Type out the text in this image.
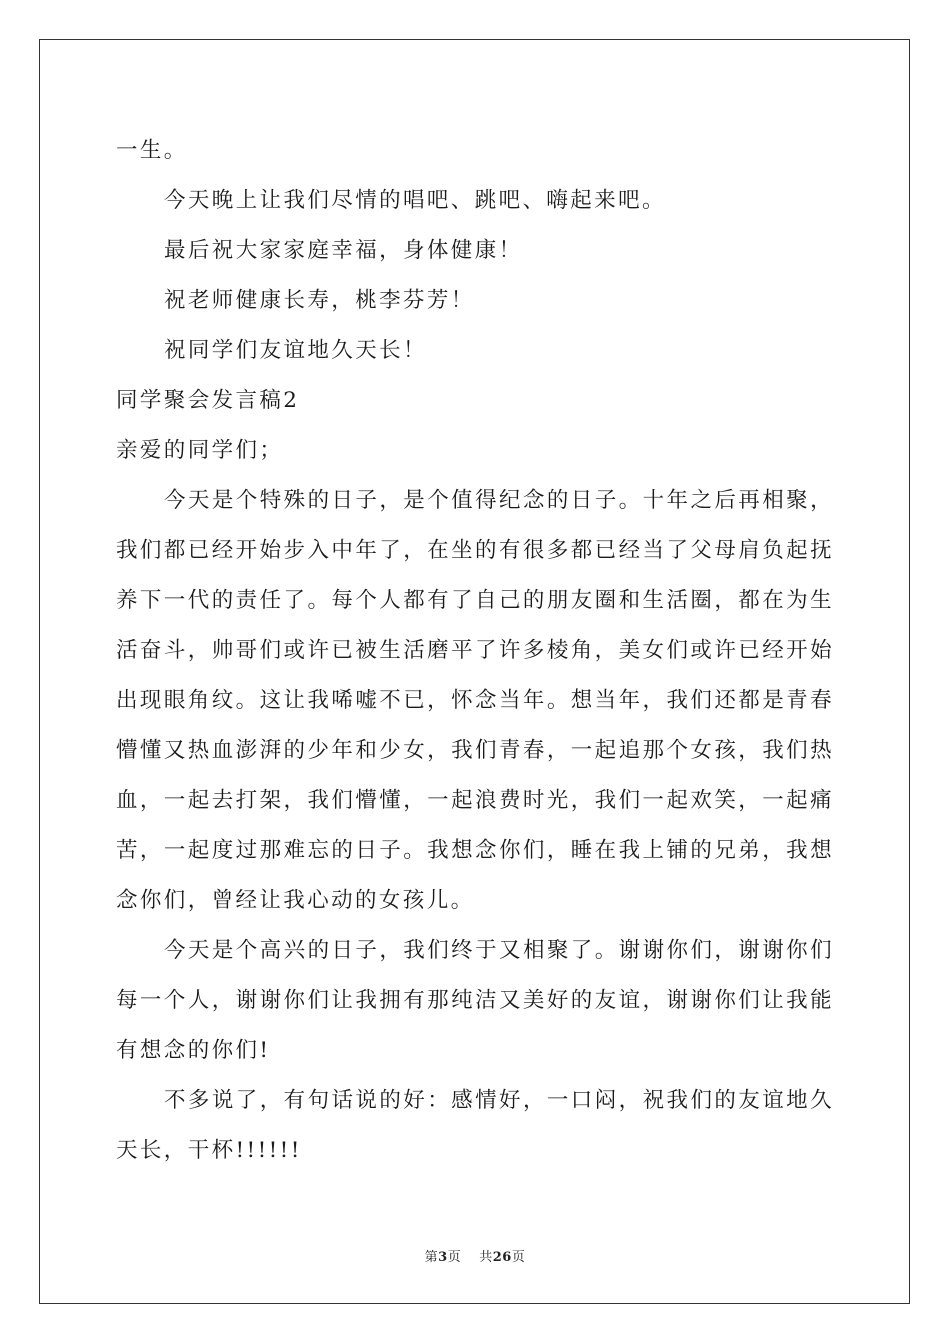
一生。

今天晚上让我们尽情的唱吧、跳吧、嗨起来吧。

最后祝大家家庭幸福，身体健康！

祝老师健康长寿，桃李芬芳！

祝同学们友谊地久天长！

同学聚会发言稿2

亲爱的同学们；

今天是个特殊的日子，是个值得纪念的日子。十年之后再相聚，我们都已经开始步入中年了，在坐的有很多都已经当了父母肩负起抚养下一代的责任了。每个人都有了自己的朋友圈和生活圈，都在为生活奋斗，帅哥们或许已被生活磨平了许多棱角，美女们或许已经开始出现眼角纹。这让我唏嘘不已，怀念当年。想当年，我们还都是青春懵懂又热血澎湃的少年和少女，我们青春，一起追那个女孩，我们热血，一起去打架，我们懵懂，一起浪费时光，我们一起欢笑，一起痛苦，一起度过那难忘的日子。我想念你们，睡在我上铺的兄弟，我想念你们，曾经让我心动的女孩儿。

今天是个高兴的日子，我们终于又相聚了。谢谢你们，谢谢你们每一个人，谢谢你们让我拥有那纯洁又美好的友谊，谢谢你们让我能有想念的你们!

不多说了，有句话说的好：感情好，一口闷，祝我们的友谊地久天长，干杯!!!!!!

第3页 共26页
